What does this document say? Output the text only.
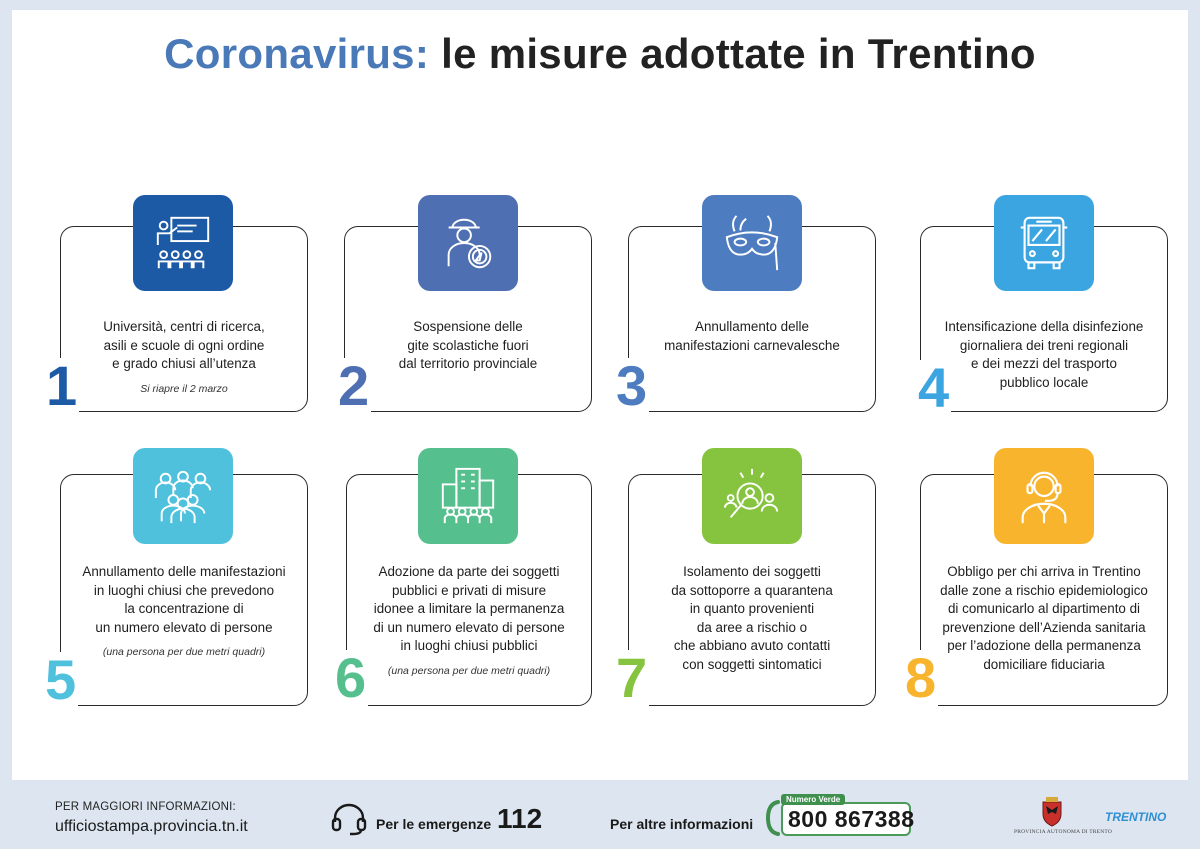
Coronavirus: le misure adottate in Trentino
Università, centri di ricerca,
asili e scuole di ogni ordine
e grado chiusi all’utenza
Si riapre il 2 marzo
1
Sospensione delle
gite scolastiche fuori
dal territorio provinciale
2
Annullamento delle
manifestazioni carnevalesche
3
Intensificazione della disinfezione
giornaliera dei treni regionali
e dei mezzi del trasporto
pubblico locale
4
Annullamento delle manifestazioni
in luoghi chiusi che prevedono
la concentrazione di
un numero elevato di persone
(una persona per due metri quadri)
5
Adozione da parte dei soggetti
pubblici e privati di misure
idonee a limitare la permanenza
di un numero elevato di persone
in luoghi chiusi pubblici
(una persona per due metri quadri)
6
Isolamento dei soggetti
da sottoporre a quarantena
in quanto provenienti
da aree a rischio o
che abbiano avuto contatti
con soggetti sintomatici
7
Obbligo per chi arriva in Trentino
dalle zone a rischio epidemiologico
di comunicarlo al dipartimento di
prevenzione dell’Azienda sanitaria
per l’adozione della permanenza
domiciliare fiduciaria
8
PER MAGGIORI INFORMAZIONI:
ufficiostampa.provincia.tn.it	Per le emergenze 112	Per altre informazioni
Numero Verde
800 867388	PROVINCIA AUTONOMA DI TRENTO
TRENTINO
